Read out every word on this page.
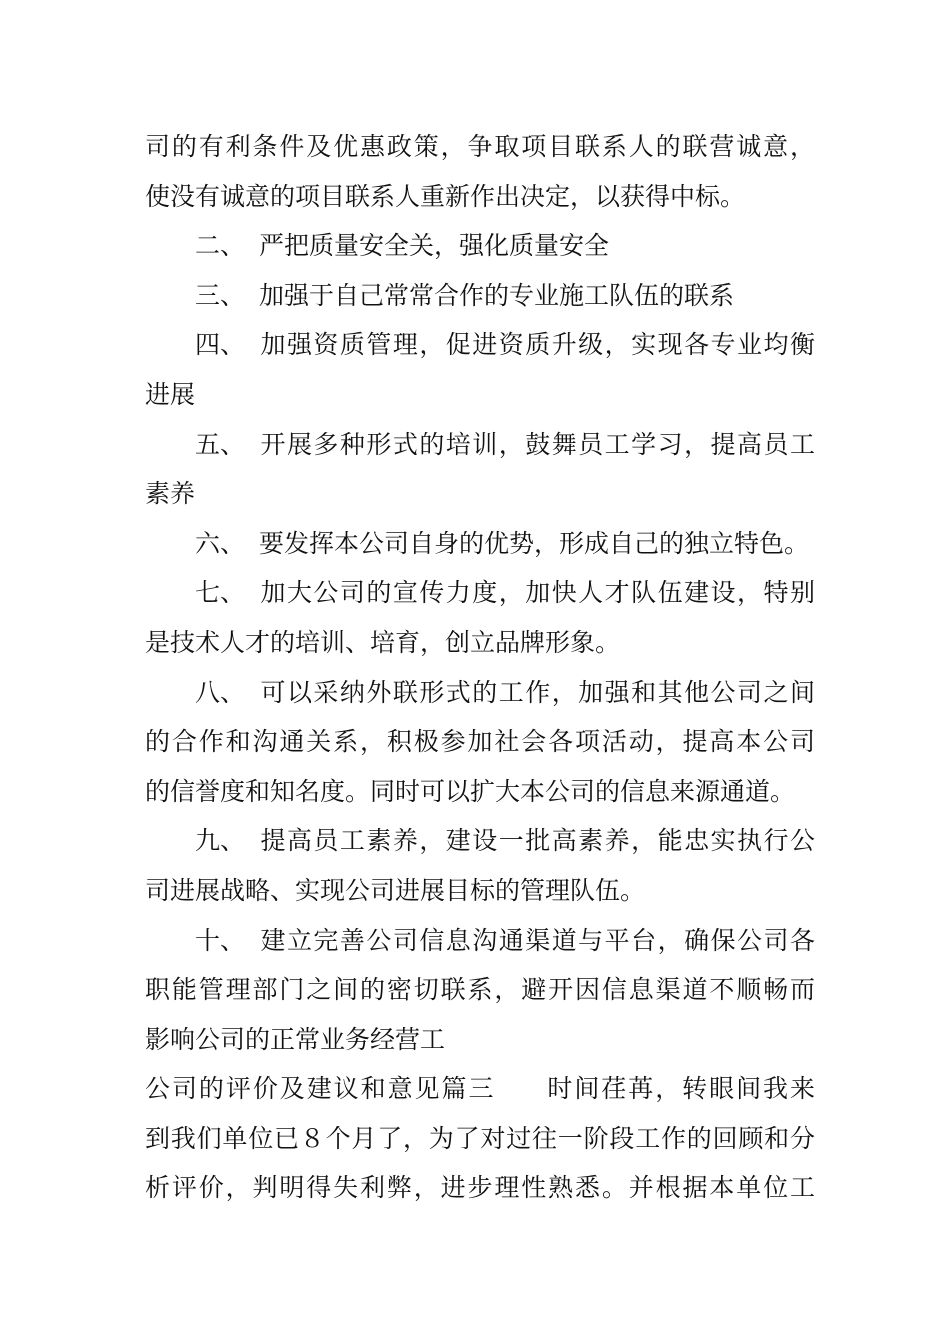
司的有利条件及优惠政策，争取项目联系人的联营诚意，
使没有诚意的项目联系人重新作出决定，以获得中标。
二、 严把质量安全关，强化质量安全
三、 加强于自己常常合作的专业施工队伍的联系
四、 加强资质管理，促进资质升级，实现各专业均衡
进展
五、 开展多种形式的培训，鼓舞员工学习，提高员工
素养
六、 要发挥本公司自身的优势，形成自己的独立特色。
七、 加大公司的宣传力度，加快人才队伍建设，特别
是技术人才的培训、培育，创立品牌形象。
八、 可以采纳外联形式的工作，加强和其他公司之间
的合作和沟通关系，积极参加社会各项活动，提高本公司
的信誉度和知名度。同时可以扩大本公司的信息来源通道。
九、 提高员工素养，建设一批高素养，能忠实执行公
司进展战略、实现公司进展目标的管理队伍。
十、 建立完善公司信息沟通渠道与平台，确保公司各
职能管理部门之间的密切联系，避开因信息渠道不顺畅而
影响公司的正常业务经营工
公司的评价及建议和意见篇三 时间荏苒，转眼间我来
到我们单位已８个月了，为了对过往一阶段工作的回顾和分
析评价，判明得失利弊，进步理性熟悉。并根据本单位工
